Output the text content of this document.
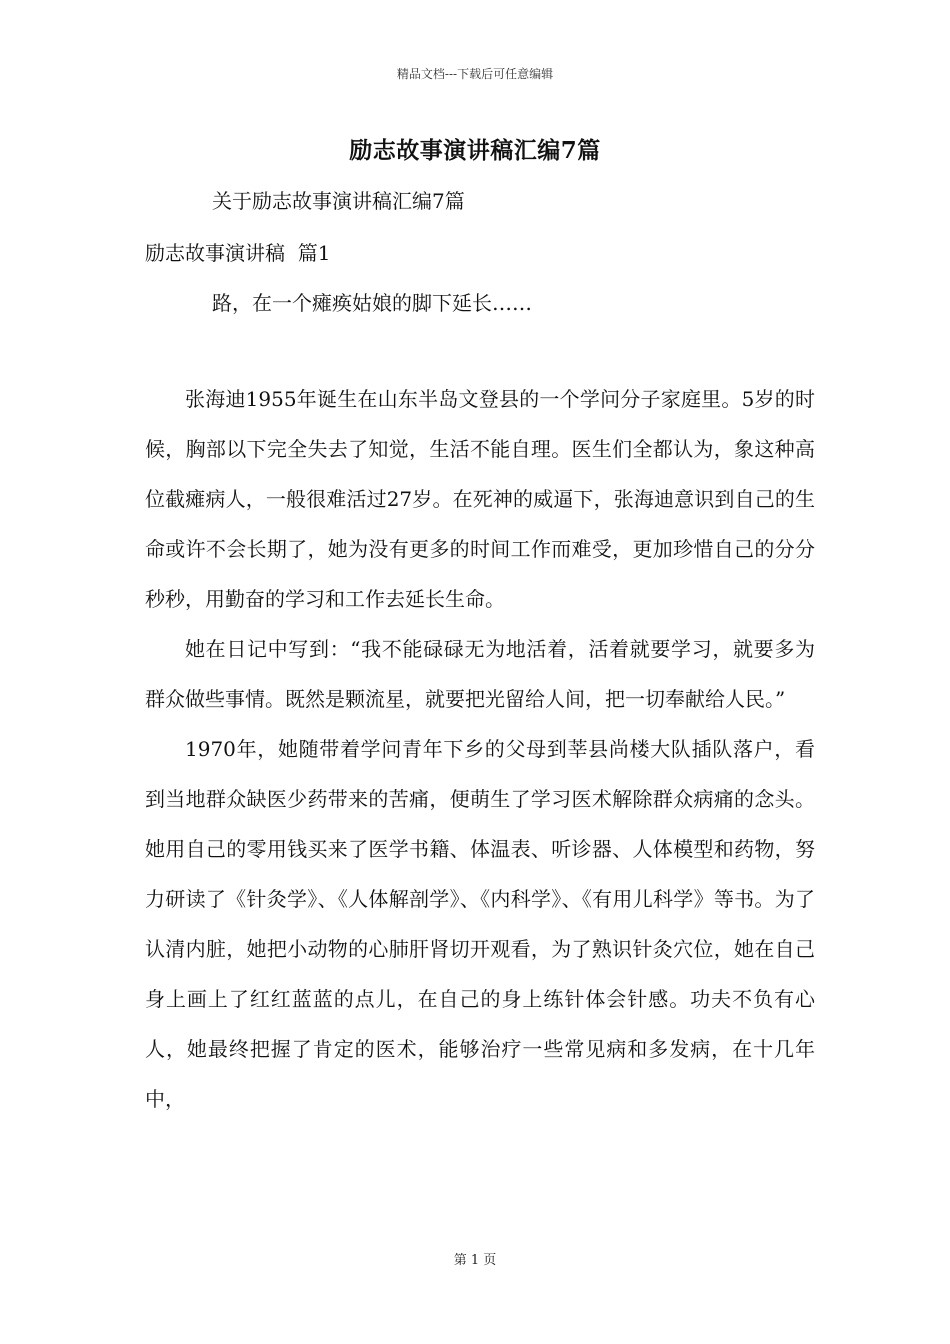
精品文档---下载后可任意编辑
励志故事演讲稿汇编7篇
关于励志故事演讲稿汇编7篇
励志故事演讲稿  篇1
路，在一个瘫痪姑娘的脚下延长……

张海迪1955年诞生在山东半岛文登县的一个学问分子家庭里。5岁的时候，胸部以下完全失去了知觉，生活不能自理。医生们全都认为，象这种高位截瘫病人，一般很难活过27岁。在死神的威逼下，张海迪意识到自己的生命或许不会长期了，她为没有更多的时间工作而难受，更加珍惜自己的分分秒秒，用勤奋的学习和工作去延长生命。

她在日记中写到：“我不能碌碌无为地活着，活着就要学习，就要多为群众做些事情。既然是颗流星，就要把光留给人间，把一切奉献给人民。”

1970年，她随带着学问青年下乡的父母到莘县尚楼大队插队落户，看到当地群众缺医少药带来的苦痛，便萌生了学习医术解除群众病痛的念头。她用自己的零用钱买来了医学书籍、体温表、听诊器、人体模型和药物，努力研读了《针灸学》、《人体解剖学》、《内科学》、《有用儿科学》等书。为了认清内脏，她把小动物的心肺肝肾切开观看，为了熟识针灸穴位，她在自己身上画上了红红蓝蓝的点儿，在自己的身上练针体会针感。功夫不负有心人，她最终把握了肯定的医术，能够治疗一些常见病和多发病，在十几年中，

第 1 页
